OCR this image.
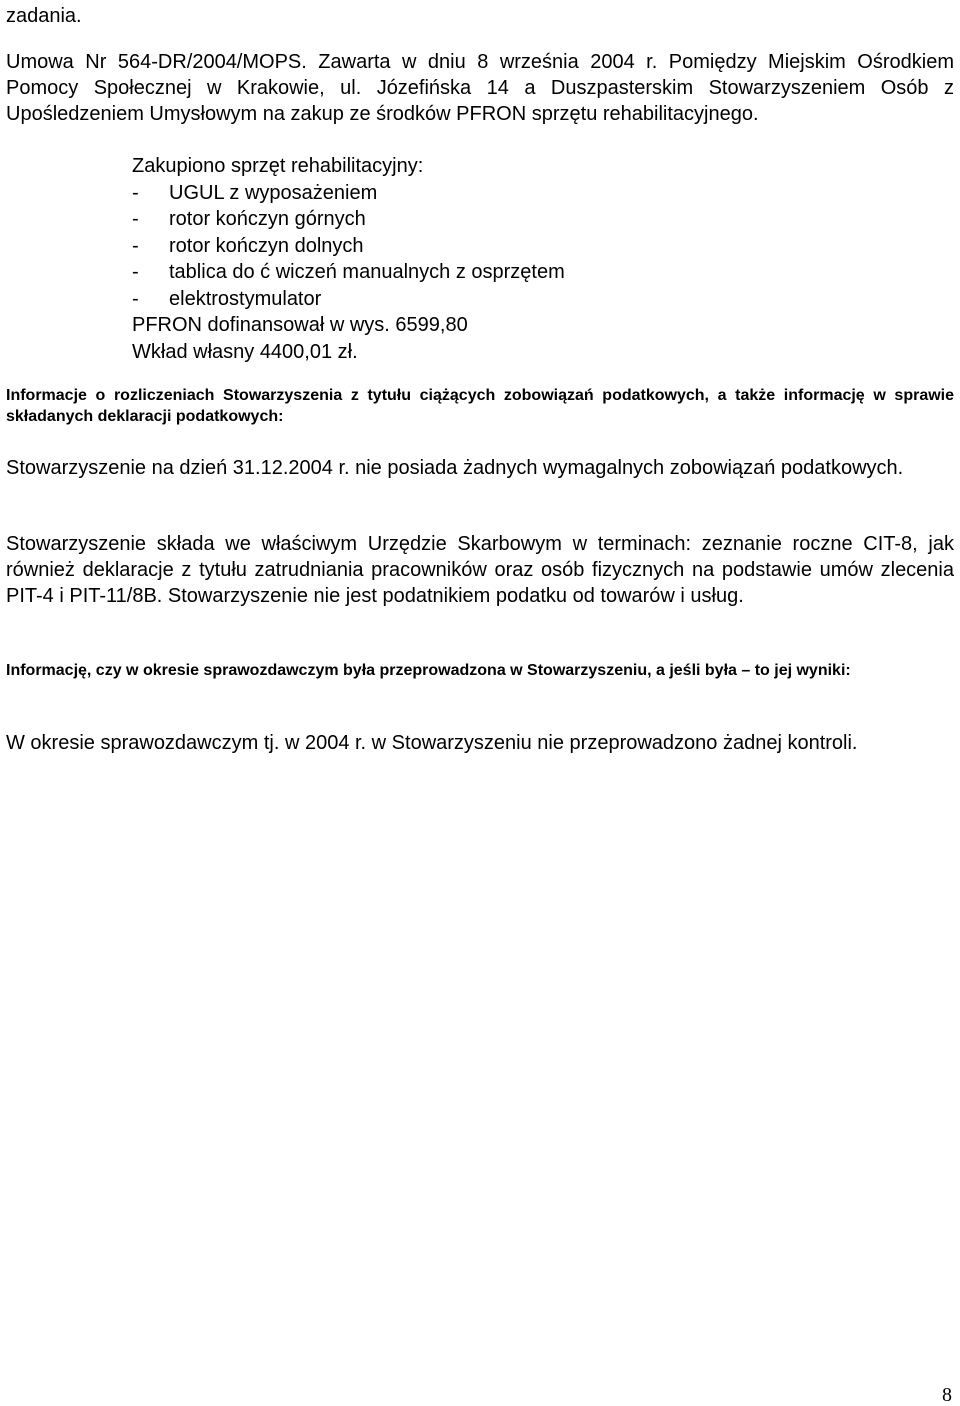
zadania.

Umowa Nr 564-DR/2004/MOPS. Zawarta w dniu 8 września 2004 r. Pomiędzy Miejskim Ośrodkiem Pomocy Społecznej w Krakowie, ul. Józefińska 14 a Duszpasterskim Stowarzyszeniem Osób z Upośledzeniem Umysłowym na zakup ze środków PFRON sprzętu rehabilitacyjnego.

Zakupiono sprzęt rehabilitacyjny:
-	UGUL z wyposażeniem
-	rotor kończyn górnych
-	rotor kończyn dolnych
-	tablica do ć wiczeń manualnych z osprzętem
-	elektrostymulator
PFRON dofinansował w wys. 6599,80
Wkład własny 4400,01 zł.

Informacje o rozliczeniach Stowarzyszenia z tytułu ciążących zobowiązań podatkowych, a także informację w sprawie składanych deklaracji podatkowych:

Stowarzyszenie na dzień 31.12.2004 r. nie posiada żadnych wymagalnych zobowiązań podatkowych.

Stowarzyszenie składa we właściwym Urzędzie Skarbowym w terminach: zeznanie roczne CIT-8, jak również deklaracje z tytułu zatrudniania pracowników oraz osób fizycznych na podstawie umów zlecenia PIT-4 i PIT-11/8B. Stowarzyszenie nie jest podatnikiem podatku od towarów i usług.

Informację, czy w okresie sprawozdawczym była przeprowadzona w Stowarzyszeniu, a jeśli była – to jej wyniki:

W okresie sprawozdawczym tj. w 2004 r. w Stowarzyszeniu nie przeprowadzono żadnej kontroli.

8
